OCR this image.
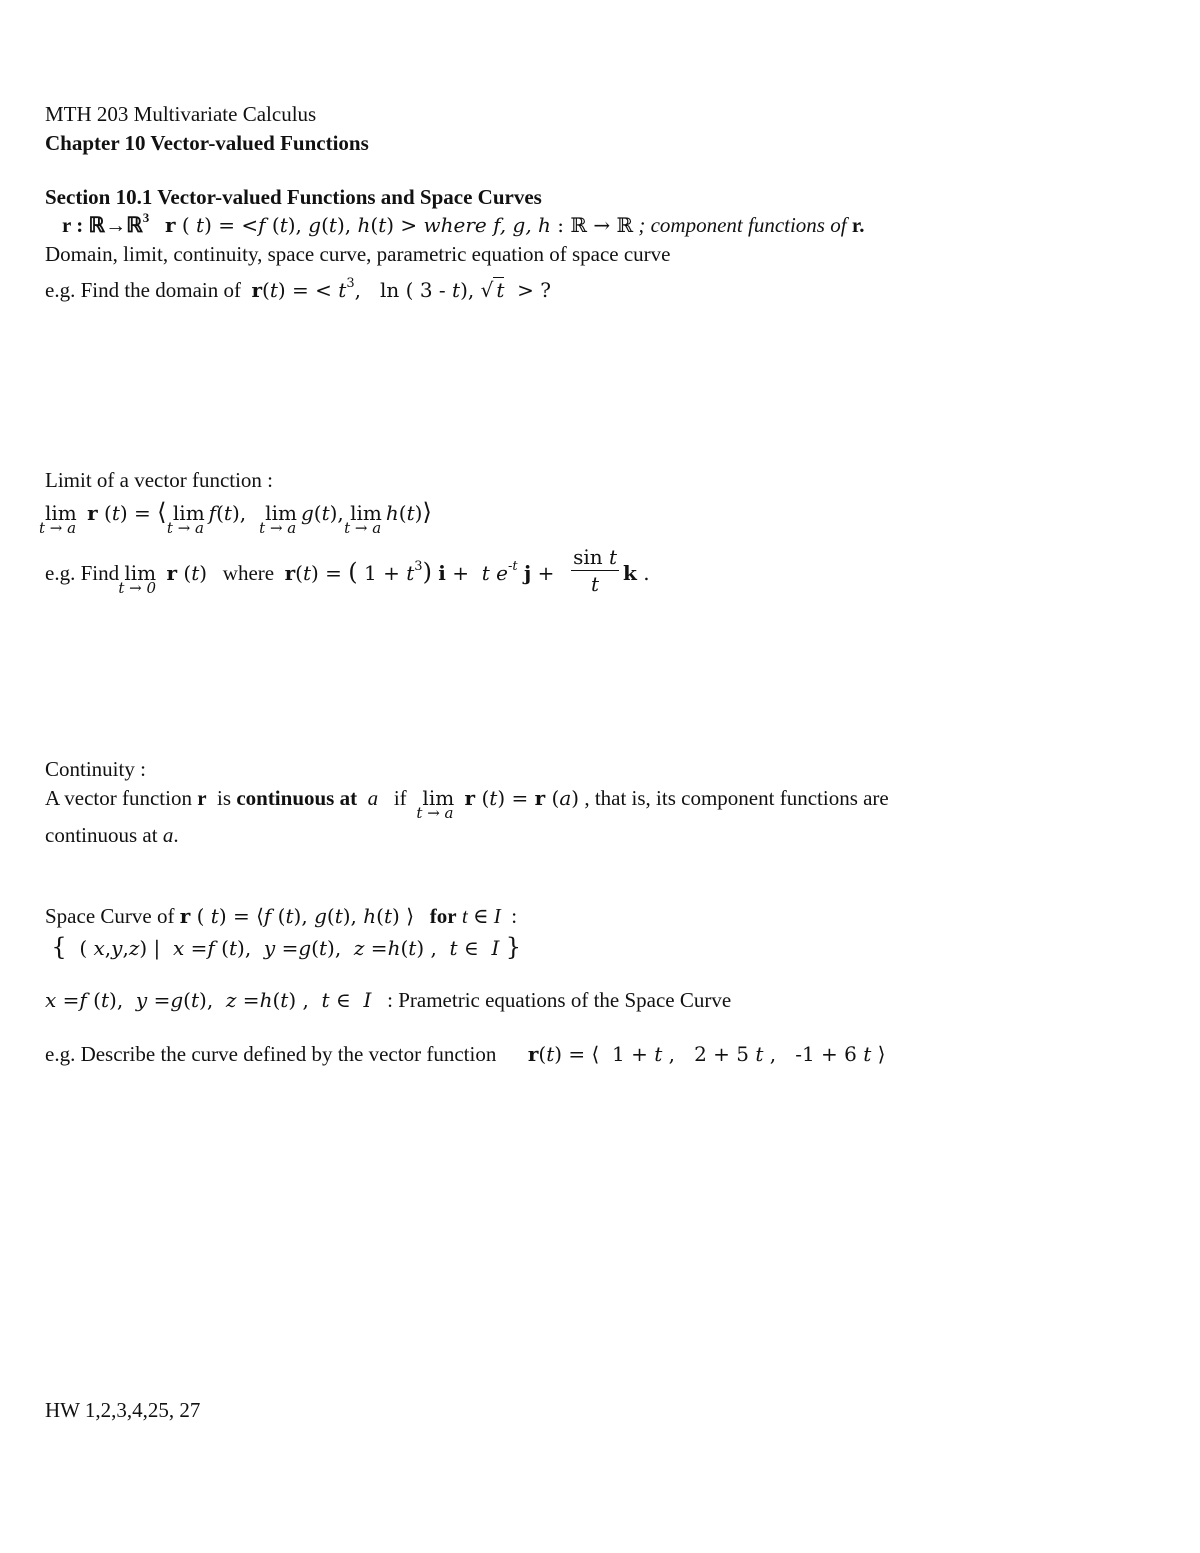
MTH 203 Multivariate Calculus
Chapter 10 Vector-valued Functions
Section 10.1 Vector-valued Functions and Space Curves
r : ℝ→ℝ$^3$ r ( t) = <f (t), g(t), h(t) > where f, g, h : ℝ → ℝ ; component functions of r.
Domain, limit, continuity, space curve, parametric equation of space curve
e.g. Find the domain of r(t) = < $t^3$,   ln ( 3 - t), √ t  > ?
Limit of a vector function :
lim
t → a
r (t) = ⟨ lim
t → a
f(t),   lim
t → a
g(t), lim
t → a
h(t)⟩
e.g. Find lim
t → 0
r (t) where r(t) = ( $1 + t^3$) i +  t $e^{-t}$ $j + \frac{\text{sin t}}{t}$ k .
Continuity :
A vector function r  is continuous at a   if   lim
t → a
r (t) = r (a) , that is, its component functions are
continuous at a.
Space Curve of r ( t) = ⟨f (t), g(t), h(t) ⟩ for t ∈ I  :
{  ( x,y,z) |  x =f (t),  y =g(t),  z =h(t) ,  t ∈  I }
x =f (t),  y =g(t),  z =h(t) ,  t ∈  I : Prametric equations of the Space Curve
e.g. Describe the curve defined by the vector function r(t) = ⟨  1 + t ,   2 + 5 t ,   -1 + 6 t ⟩
HW 1,2,3,4,25, 27
